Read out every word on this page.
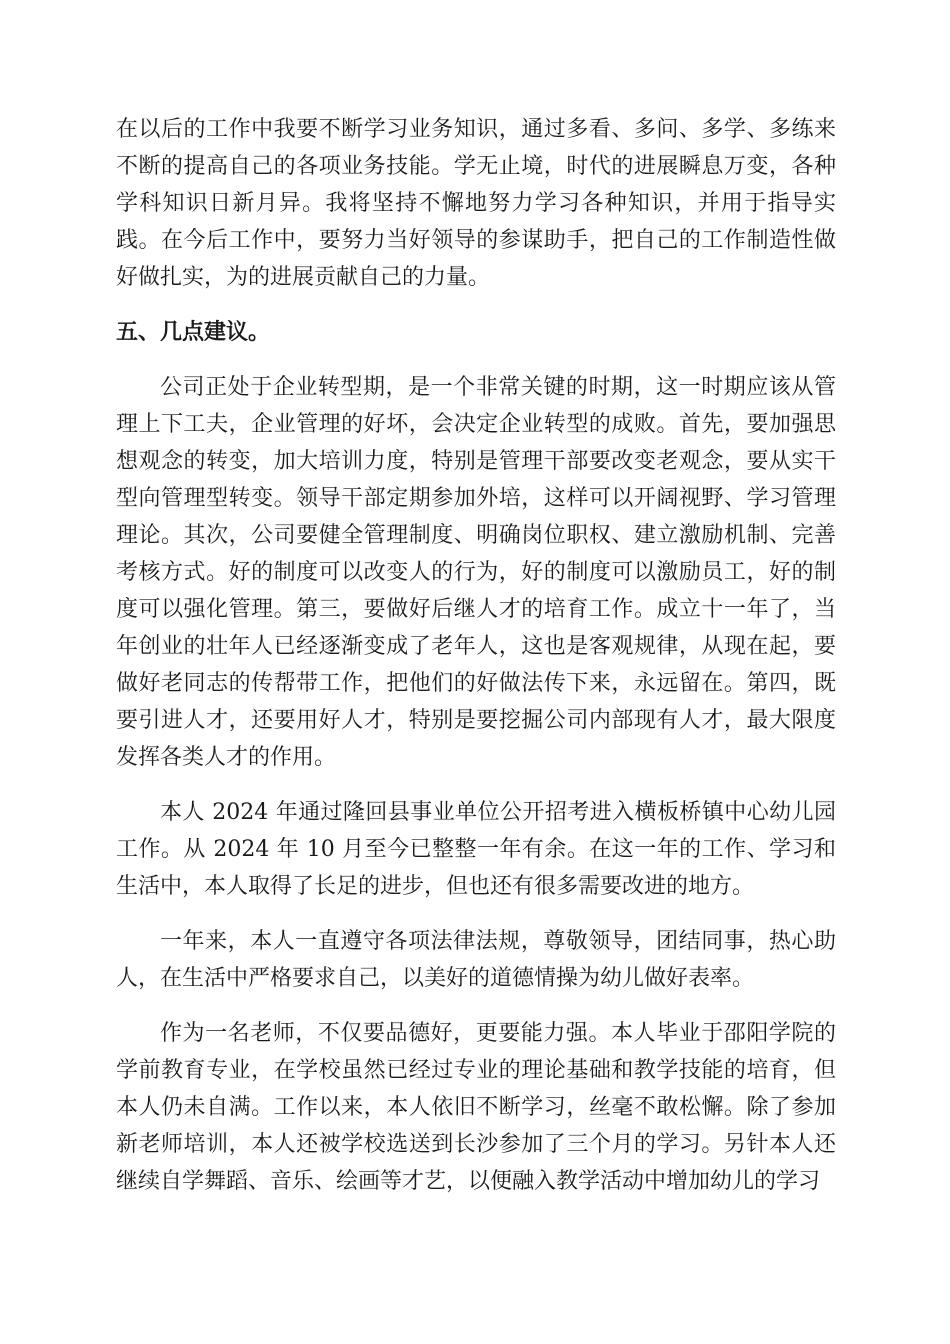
在以后的工作中我要不断学习业务知识，通过多看、多问、多学、多练来不断的提高自己的各项业务技能。学无止境，时代的进展瞬息万变，各种学科知识日新月异。我将坚持不懈地努力学习各种知识，并用于指导实践。在今后工作中，要努力当好领导的参谋助手，把自己的工作制造性做好做扎实，为的进展贡献自己的力量。

五、几点建议。

公司正处于企业转型期，是一个非常关键的时期，这一时期应该从管理上下工夫，企业管理的好坏，会决定企业转型的成败。首先，要加强思想观念的转变，加大培训力度，特别是管理干部要改变老观念，要从实干型向管理型转变。领导干部定期参加外培，这样可以开阔视野、学习管理理论。其次，公司要健全管理制度、明确岗位职权、建立激励机制、完善考核方式。好的制度可以改变人的行为，好的制度可以激励员工，好的制度可以强化管理。第三，要做好后继人才的培育工作。成立十一年了，当年创业的壮年人已经逐渐变成了老年人，这也是客观规律，从现在起，要做好老同志的传帮带工作，把他们的好做法传下来，永远留在。第四，既要引进人才，还要用好人才，特别是要挖掘公司内部现有人才，最大限度发挥各类人才的作用。

本人 2024 年通过隆回县事业单位公开招考进入横板桥镇中心幼儿园工作。从 2024 年 10 月至今已整整一年有余。在这一年的工作、学习和生活中，本人取得了长足的进步，但也还有很多需要改进的地方。

一年来，本人一直遵守各项法律法规，尊敬领导，团结同事，热心助人，在生活中严格要求自己，以美好的道德情操为幼儿做好表率。

作为一名老师，不仅要品德好，更要能力强。本人毕业于邵阳学院的学前教育专业，在学校虽然已经过专业的理论基础和教学技能的培育，但本人仍未自满。工作以来，本人依旧不断学习，丝毫不敢松懈。除了参加新老师培训，本人还被学校选送到长沙参加了三个月的学习。另针本人还继续自学舞蹈、音乐、绘画等才艺，以便融入教学活动中增加幼儿的学习
